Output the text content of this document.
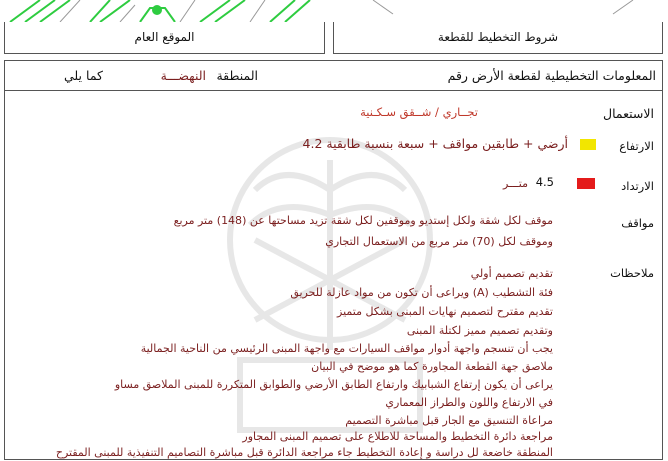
الموقع العام	شروط التخطيط للقطعة
المعلومات التخطيطية لقطعة الأرض رقم
المنطقة
النهضـــة
كما يلي
الاستعمال
تجــاري / شــقق سـكـنية
الارتفاع
أرضي + طابقين مواقف + سبعة بنسبة طابقية 4.2
الارتداد
4.5
متـــر
مواقف
موقف لكل شقة ولكل إستديو وموقفين لكل شقة تزيد مساحتها عن (148) متر مربع
وموقف لكل (70) متر مربع من الاستعمال التجاري
ملاحظات
تقديم تصميم أولي
فئة التشطيب (A) ويراعى أن تكون من مواد عازلة للحريق
تقديم مقترح لتصميم نهايات المبنى بشكل متميز
وتقديم تصميم مميز لكتلة المبنى
يجب أن تنسجم واجهة أدوار مواقف السيارات مع واجهة المبنى الرئيسي من الناحية الجمالية
ملاصق جهة القطعة المجاورة كما هو موضح في البيان
يراعى أن يكون إرتفاع الشبابيك وارتفاع الطابق الأرضي والطوابق المتكررة للمبنى الملاصق مساو
في الارتفاع واللون والطراز المعماري
مراعاة التنسيق مع الجار قبل مباشرة التصميم
مراجعة دائرة التخطيط والمساحة للاطلاع على تصميم المبنى المجاور
المنطقة خاضعة لل دراسة و إعادة التخطيط جاء مراجعة الدائرة قبل مباشرة التصاميم التنفيذية للمبنى المقترح
